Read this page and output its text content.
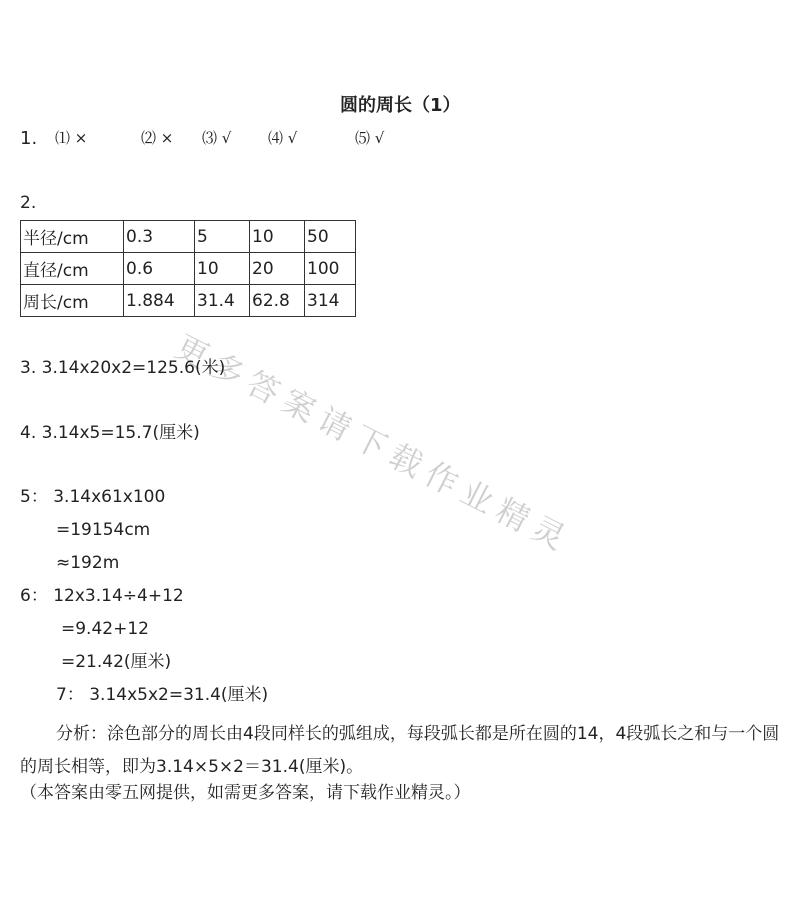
圆的周长（1）
1. ⑴ ×	⑵ × ⑶ √ ⑷ √	⑸ √
2.
半径/cm	0.3	5	10	50
直径/cm	0.6	10	20	100
周长/cm	1.884	31.4	62.8	314
更多答案请下载作业精灵
3. 3.14x20x2=125.6(米)
4. 3.14x5=15.7(厘米)
5： 3.14x61x100
=19154cm
≈192m
6： 12x3.14÷4+12
=9.42+12
=21.42(厘米)
7： 3.14x5x2=31.4(厘米)
分析：涂色部分的周长由4段同样长的弧组成，每段弧长都是所在圆的14，4段弧长之和与一个圆的周长相等，即为3.14×5×2＝31.4(厘米)。
（本答案由零五网提供，如需更多答案，请下载作业精灵。）
